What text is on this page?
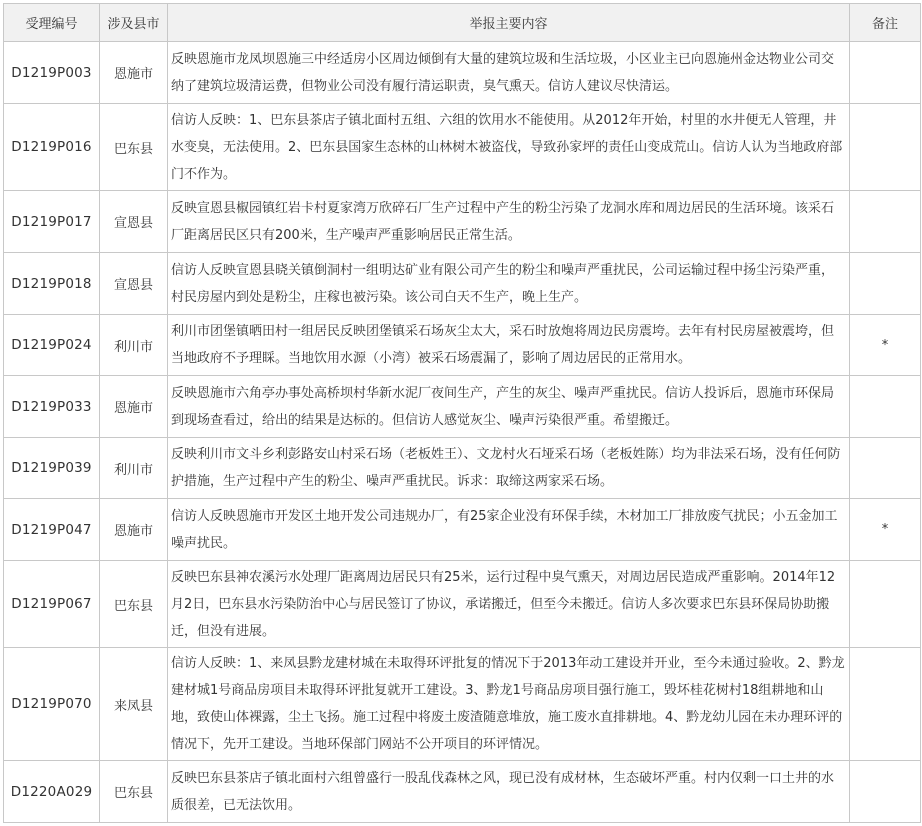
受理编号	涉及县市	举报主要内容	备注
D1219P003	恩施市	反映恩施市龙凤坝恩施三中经适房小区周边倾倒有大量的建筑垃圾和生活垃圾，小区业主已向恩施州金达物业公司交纳了建筑垃圾清运费，但物业公司没有履行清运职责，臭气熏天。信访人建议尽快清运。	
D1219P016	巴东县	信访人反映：1、巴东县茶店子镇北面村五组、六组的饮用水不能使用。从2012年开始，村里的水井便无人管理，井水变臭，无法使用。2、巴东县国家生态林的山林树木被盗伐，导致孙家坪的责任山变成荒山。信访人认为当地政府部门不作为。	
D1219P017	宣恩县	反映宣恩县椒园镇红岩卡村夏家湾万欣碎石厂生产过程中产生的粉尘污染了龙洞水库和周边居民的生活环境。该采石厂距离居民区只有200米，生产噪声严重影响居民正常生活。	
D1219P018	宣恩县	信访人反映宣恩县晓关镇倒洞村一组明达矿业有限公司产生的粉尘和噪声严重扰民，公司运输过程中扬尘污染严重，村民房屋内到处是粉尘，庄稼也被污染。该公司白天不生产，晚上生产。	
D1219P024	利川市	利川市团堡镇晒田村一组居民反映团堡镇采石场灰尘太大，采石时放炮将周边民房震垮。去年有村民房屋被震垮，但当地政府不予理睬。当地饮用水源（小湾）被采石场震漏了，影响了周边居民的正常用水。	*
D1219P033	恩施市	反映恩施市六角亭办事处高桥坝村华新水泥厂夜间生产，产生的灰尘、噪声严重扰民。信访人投诉后，恩施市环保局到现场查看过，给出的结果是达标的。但信访人感觉灰尘、噪声污染很严重。希望搬迁。	
D1219P039	利川市	反映利川市文斗乡利彭路安山村采石场（老板姓王）、文龙村火石垭采石场（老板姓陈）均为非法采石场，没有任何防护措施，生产过程中产生的粉尘、噪声严重扰民。诉求：取缔这两家采石场。	
D1219P047	恩施市	信访人反映恩施市开发区土地开发公司违规办厂，有25家企业没有环保手续，木材加工厂排放废气扰民；小五金加工噪声扰民。	*
D1219P067	巴东县	反映巴东县神农溪污水处理厂距离周边居民只有25米，运行过程中臭气熏天，对周边居民造成严重影响。2014年12月2日，巴东县水污染防治中心与居民签订了协议，承诺搬迁，但至今未搬迁。信访人多次要求巴东县环保局协助搬迁，但没有进展。	
D1219P070	来凤县	信访人反映：1、来凤县黔龙建材城在未取得环评批复的情况下于2013年动工建设并开业，至今未通过验收。2、黔龙建材城1号商品房项目未取得环评批复就开工建设。3、黔龙1号商品房项目强行施工，毁坏桂花树村18组耕地和山地，致使山体裸露，尘土飞扬。施工过程中将废土废渣随意堆放，施工废水直排耕地。4、黔龙幼儿园在未办理环评的情况下，先开工建设。当地环保部门网站不公开项目的环评情况。	
D1220A029	巴东县	反映巴东县茶店子镇北面村六组曾盛行一股乱伐森林之风，现已没有成材林，生态破坏严重。村内仅剩一口土井的水质很差，已无法饮用。	
